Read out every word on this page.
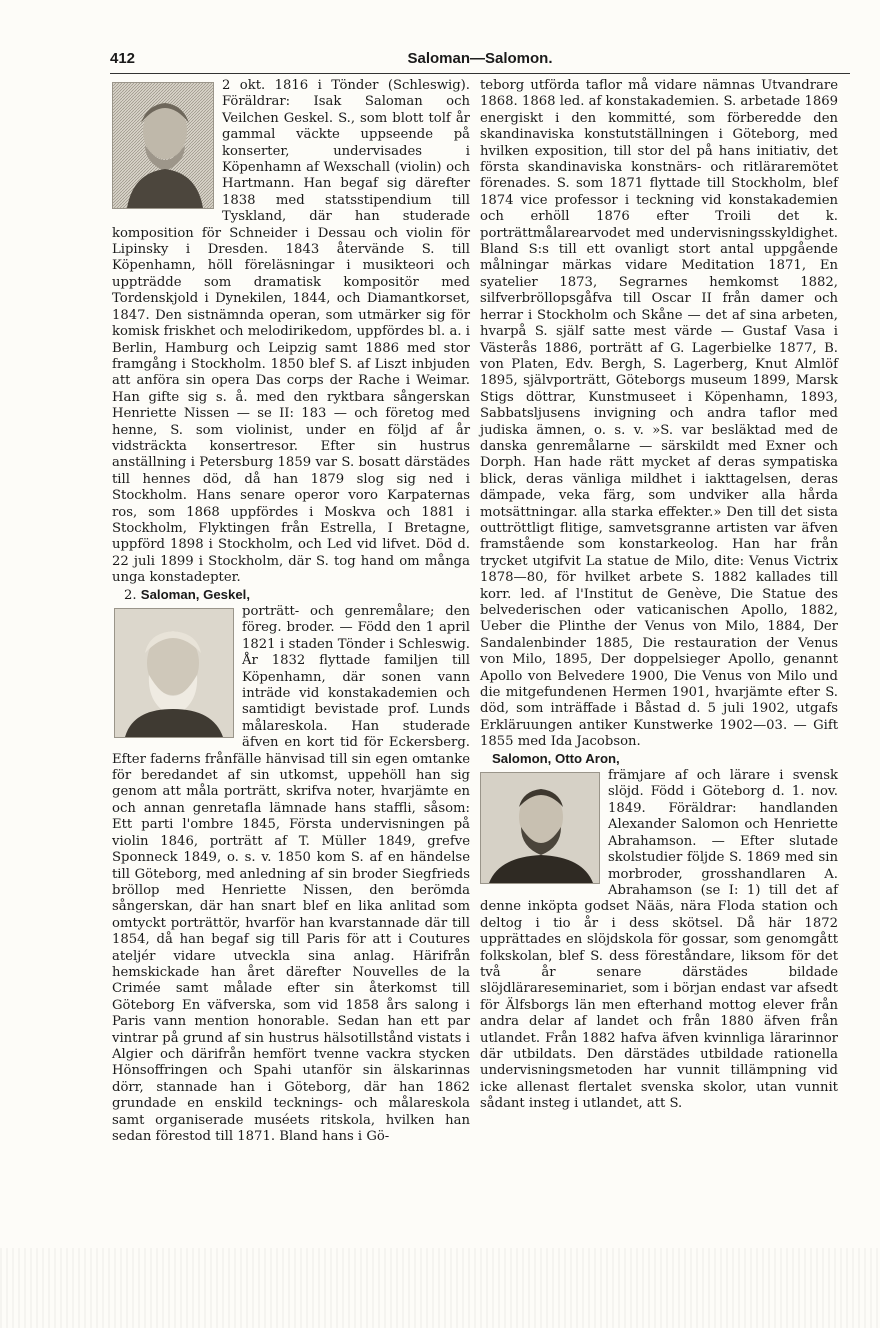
412	Saloman—Salomon.

2 okt. 1816 i Tönder (Schleswig). Föräldrar: Isak Saloman och Veilchen Geskel. S., som blott tolf år gammal väckte uppseende på konserter, undervisades i Köpenhamn af Wexschall (violin) och Hartmann. Han begaf sig därefter 1838 med statsstipendium till Tyskland, där han studerade komposition för Schneider i Dessau och violin för Lipinsky i Dresden. 1843 återvände S. till Köpenhamn, höll föreläsningar i musikteori och uppträdde som dramatisk kompositör med Tordenskjold i Dynekilen, 1844, och Diamantkorset, 1847. Den sistnämnda operan, som utmärker sig för komisk friskhet och melodirikedom, uppfördes bl. a. i Berlin, Hamburg och Leipzig samt 1886 med stor framgång i Stockholm. 1850 blef S. af Liszt inbjuden att anföra sin opera Das corps der Rache i Weimar. Han gifte sig s. å. med den ryktbara sångerskan Henriette Nissen — se II: 183 — och företog med henne, S. som violinist, under en följd af år vidsträckta konsertresor. Efter sin hustrus anställning i Petersburg 1859 var S. bosatt därstädes till hennes död, då han 1879 slog sig ned i Stockholm. Hans senare operor voro Karpaternas ros, som 1868 uppfördes i Moskva och 1881 i Stockholm, Flyktingen från Estrella, I Bretagne, uppförd 1898 i Stockholm, och Led vid lifvet. Död d. 22 juli 1899 i Stockholm, där S. tog hand om många unga konstadepter.

2. Saloman, Geskel,

porträtt- och genremålare; den föreg. broder. — Född den 1 april 1821 i staden Tönder i Schleswig. År 1832 flyttade familjen till Köpenhamn, där sonen vann inträde vid konstakademien och samtidigt bevistade prof. Lunds målareskola. Han studerade äfven en kort tid för Eckersberg. Efter faderns frånfälle hänvisad till sin egen omtanke för beredandet af sin utkomst, uppehöll han sig genom att måla porträtt, skrifva noter, hvarjämte en och annan genretafla lämnade hans staffli, såsom: Ett parti l'ombre 1845, Första undervisningen på violin 1846, porträtt af T. Müller 1849, grefve Sponneck 1849, o. s. v. 1850 kom S. af en händelse till Göteborg, med anledning af sin broder Siegfrieds bröllop med Henriette Nissen, den berömda sångerskan, där han snart blef en lika anlitad som omtyckt porträttör, hvarför han kvarstannade där till 1854, då han begaf sig till Paris för att i Coutures ateljér vidare utveckla sina anlag. Härifrån hemskickade han året därefter Nouvelles de la Crimée samt målade efter sin återkomst till Göteborg En väfverska, som vid 1858 års salong i Paris vann mention honorable. Sedan han ett par vintrar på grund af sin hustrus hälsotillstånd vistats i Algier och därifrån hemfört tvenne vackra stycken Hönsoffringen och Spahi utanför sin älskarinnas dörr, stannade han i Göteborg, där han 1862 grundade en enskild tecknings- och målareskola samt organiserade muséets ritskola, hvilken han sedan förestod till 1871. Bland hans i Gö-

teborg utförda taflor må vidare nämnas Utvandrare 1868. 1868 led. af konstakademien. S. arbetade 1869 energiskt i den kommitté, som förberedde den skandinaviska konstutställningen i Göteborg, med hvilken exposition, till stor del på hans initiativ, det första skandinaviska konstnärs- och ritläraremötet förenades. S. som 1871 flyttade till Stockholm, blef 1874 vice professor i teckning vid konstakademien och erhöll 1876 efter Troili det k. porträttmålarearvodet med undervisningsskyldighet. Bland S:s till ett ovanligt stort antal uppgående målningar märkas vidare Meditation 1871, En syatelier 1873, Segrarnes hemkomst 1882, silfverbröllopsgåfva till Oscar II från damer och herrar i Stockholm och Skåne — det af sina arbeten, hvarpå S. själf satte mest värde — Gustaf Vasa i Västerås 1886, porträtt af G. Lagerbielke 1877, B. von Platen, Edv. Bergh, S. Lagerberg, Knut Almlöf 1895, självporträtt, Göteborgs museum 1899, Marsk Stigs döttrar, Kunstmuseet i Köpenhamn, 1893, Sabbatsljusens invigning och andra taflor med judiska ämnen, o. s. v. »S. var besläktad med de danska genremålarne — särskildt med Exner och Dorph. Han hade rätt mycket af deras sympatiska blick, deras vänliga mildhet i iakttagelsen, deras dämpade, veka färg, som undviker alla hårda motsättningar. alla starka effekter.» Den till det sista outtröttligt flitige, samvetsgranne artisten var äfven framstående som konstarkeolog. Han har från trycket utgifvit La statue de Milo, dite: Venus Victrix 1878—80, för hvilket arbete S. 1882 kallades till korr. led. af l'Institut de Genève, Die Statue des belvederischen oder vaticanischen Apollo, 1882, Ueber die Plinthe der Venus von Milo, 1884, Der Sandalenbinder 1885, Die restauration der Venus von Milo, 1895, Der doppelsieger Apollo, genannt Apollo von Belvedere 1900, Die Venus von Milo und die mitgefundenen Hermen 1901, hvarjämte efter S. död, som inträffade i Båstad d. 5 juli 1902, utgafs Erkläruungen antiker Kunstwerke 1902—03. — Gift 1855 med Ida Jacobson.

Salomon, Otto Aron,

främjare af och lärare i svensk slöjd. Född i Göteborg d. 1. nov. 1849. Föräldrar: handlanden Alexander Salomon och Henriette Abrahamson. — Efter slutade skolstudier följde S. 1869 med sin morbroder, grosshandlaren A. Abrahamson (se I: 1) till det af denne inköpta godset Nääs, nära Floda station och deltog i tio år i dess skötsel. Då här 1872 upprättades en slöjdskola för gossar, som genomgått folkskolan, blef S. dess föreståndare, liksom för det två år senare därstädes bildade slöjdlärareseminariet, som i början endast var afsedt för Älfsborgs län men efterhand mottog elever från andra delar af landet och från 1880 äfven från utlandet. Från 1882 hafva äfven kvinnliga lärarinnor där utbildats. Den därstädes utbildade rationella undervisningsmetoden har vunnit tillämpning vid icke allenast flertalet svenska skolor, utan vunnit sådant insteg i utlandet, att S.
